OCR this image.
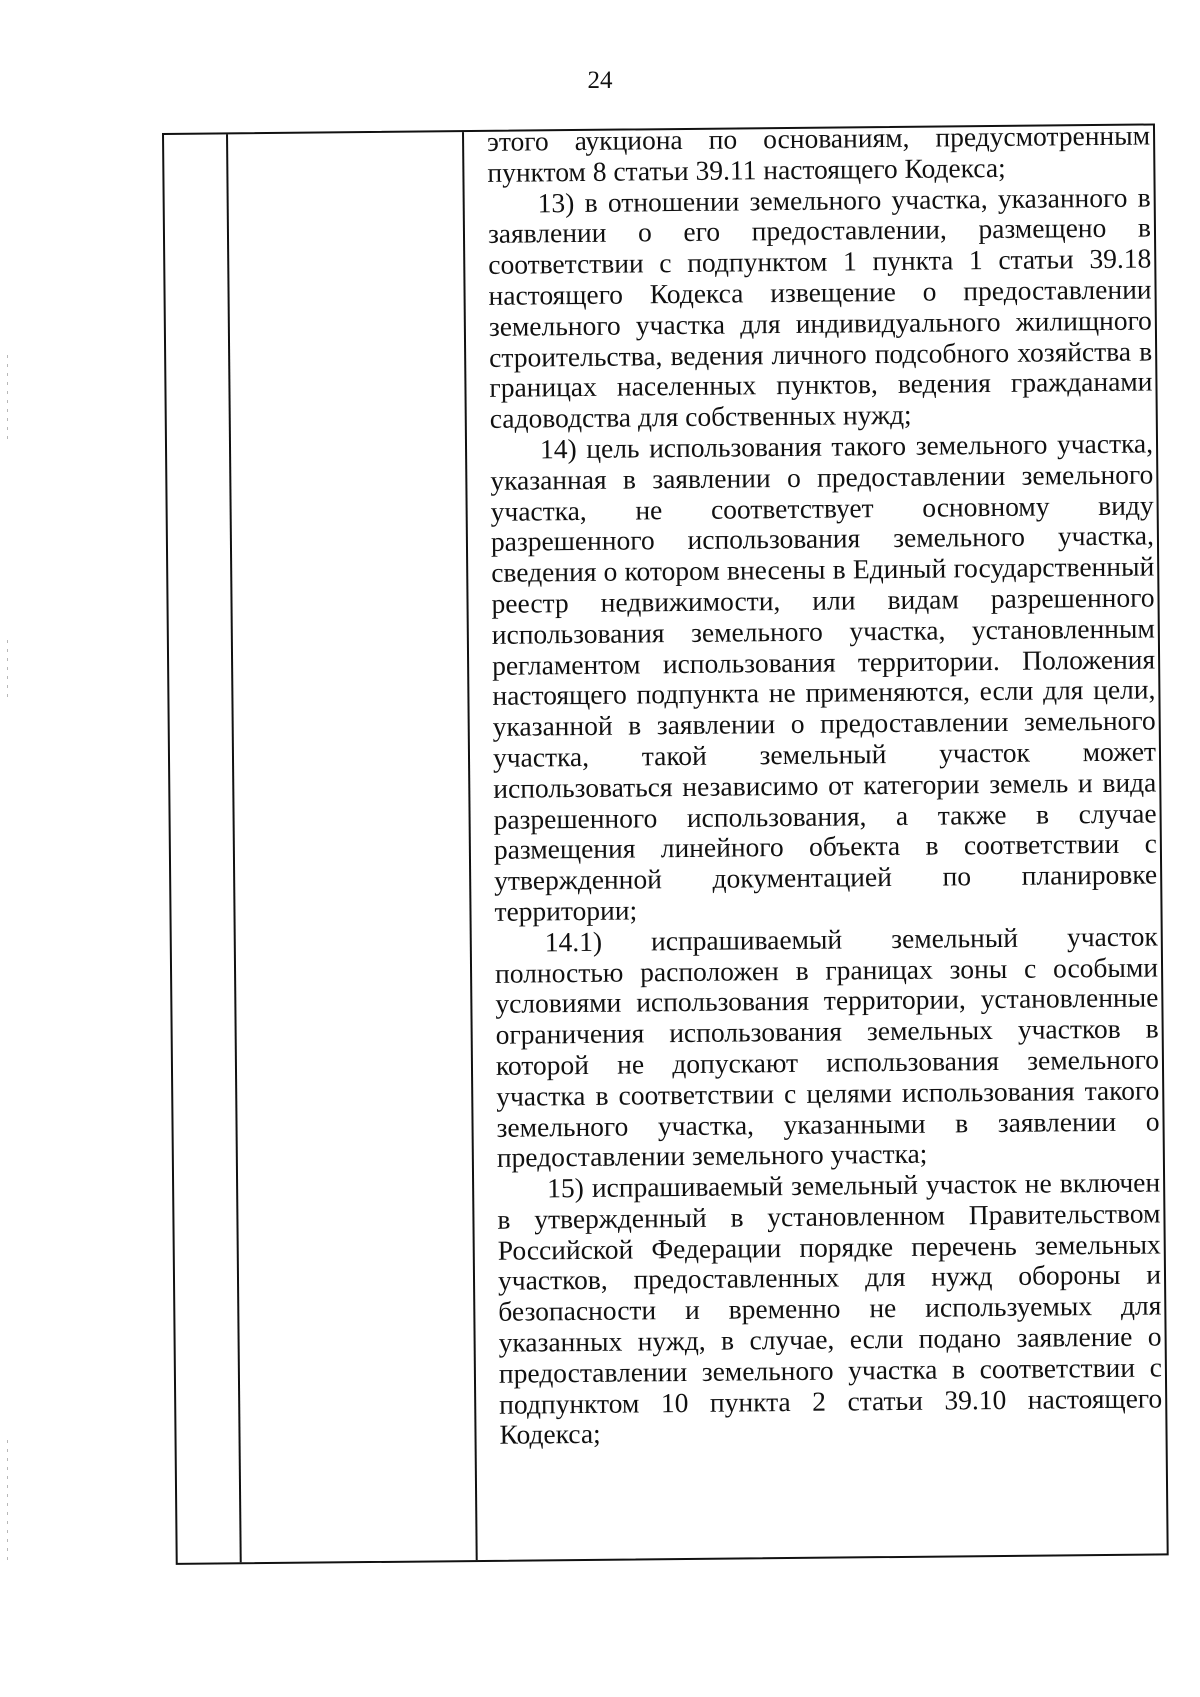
24

этого аукциона по основаниям, предусмотренным пунктом 8 статьи 39.11 настоящего Кодекса;

13) в отношении земельного участка, указанного в заявлении о его предоставлении, размещено в соответствии с подпунктом 1 пункта 1 статьи 39.18 настоящего Кодекса извещение о предоставлении земельного участка для индивидуального жилищного строительства, ведения личного подсобного хозяйства в границах населенных пунктов, ведения гражданами садоводства для собственных нужд;

14) цель использования такого земельного участка, указанная в заявлении о предоставлении земельного участка, не соответствует основному виду разрешенного использования земельного участка, сведения о котором внесены в Единый государственный реестр недвижимости, или видам разрешенного использования земельного участка, установленным регламентом использования территории. Положения настоящего подпункта не применяются, если для цели, указанной в заявлении о предоставлении земельного участка, такой земельный участок может использоваться независимо от категории земель и вида разрешенного использования, а также в случае размещения линейного объекта в соответствии с утвержденной документацией по планировке территории;

14.1) испрашиваемый земельный участок полностью расположен в границах зоны с особыми условиями использования территории, установленные ограничения использования земельных участков в которой не допускают использования земельного участка в соответствии с целями использования такого земельного участка, указанными в заявлении о предоставлении земельного участка;

15) испрашиваемый земельный участок не включен в утвержденный в установленном Правительством Российской Федерации порядке перечень земельных участков, предоставленных для нужд обороны и безопасности и временно не используемых для указанных нужд, в случае, если подано заявление о предоставлении земельного участка в соответствии с подпунктом 10 пункта 2 статьи 39.10 настоящего Кодекса;
